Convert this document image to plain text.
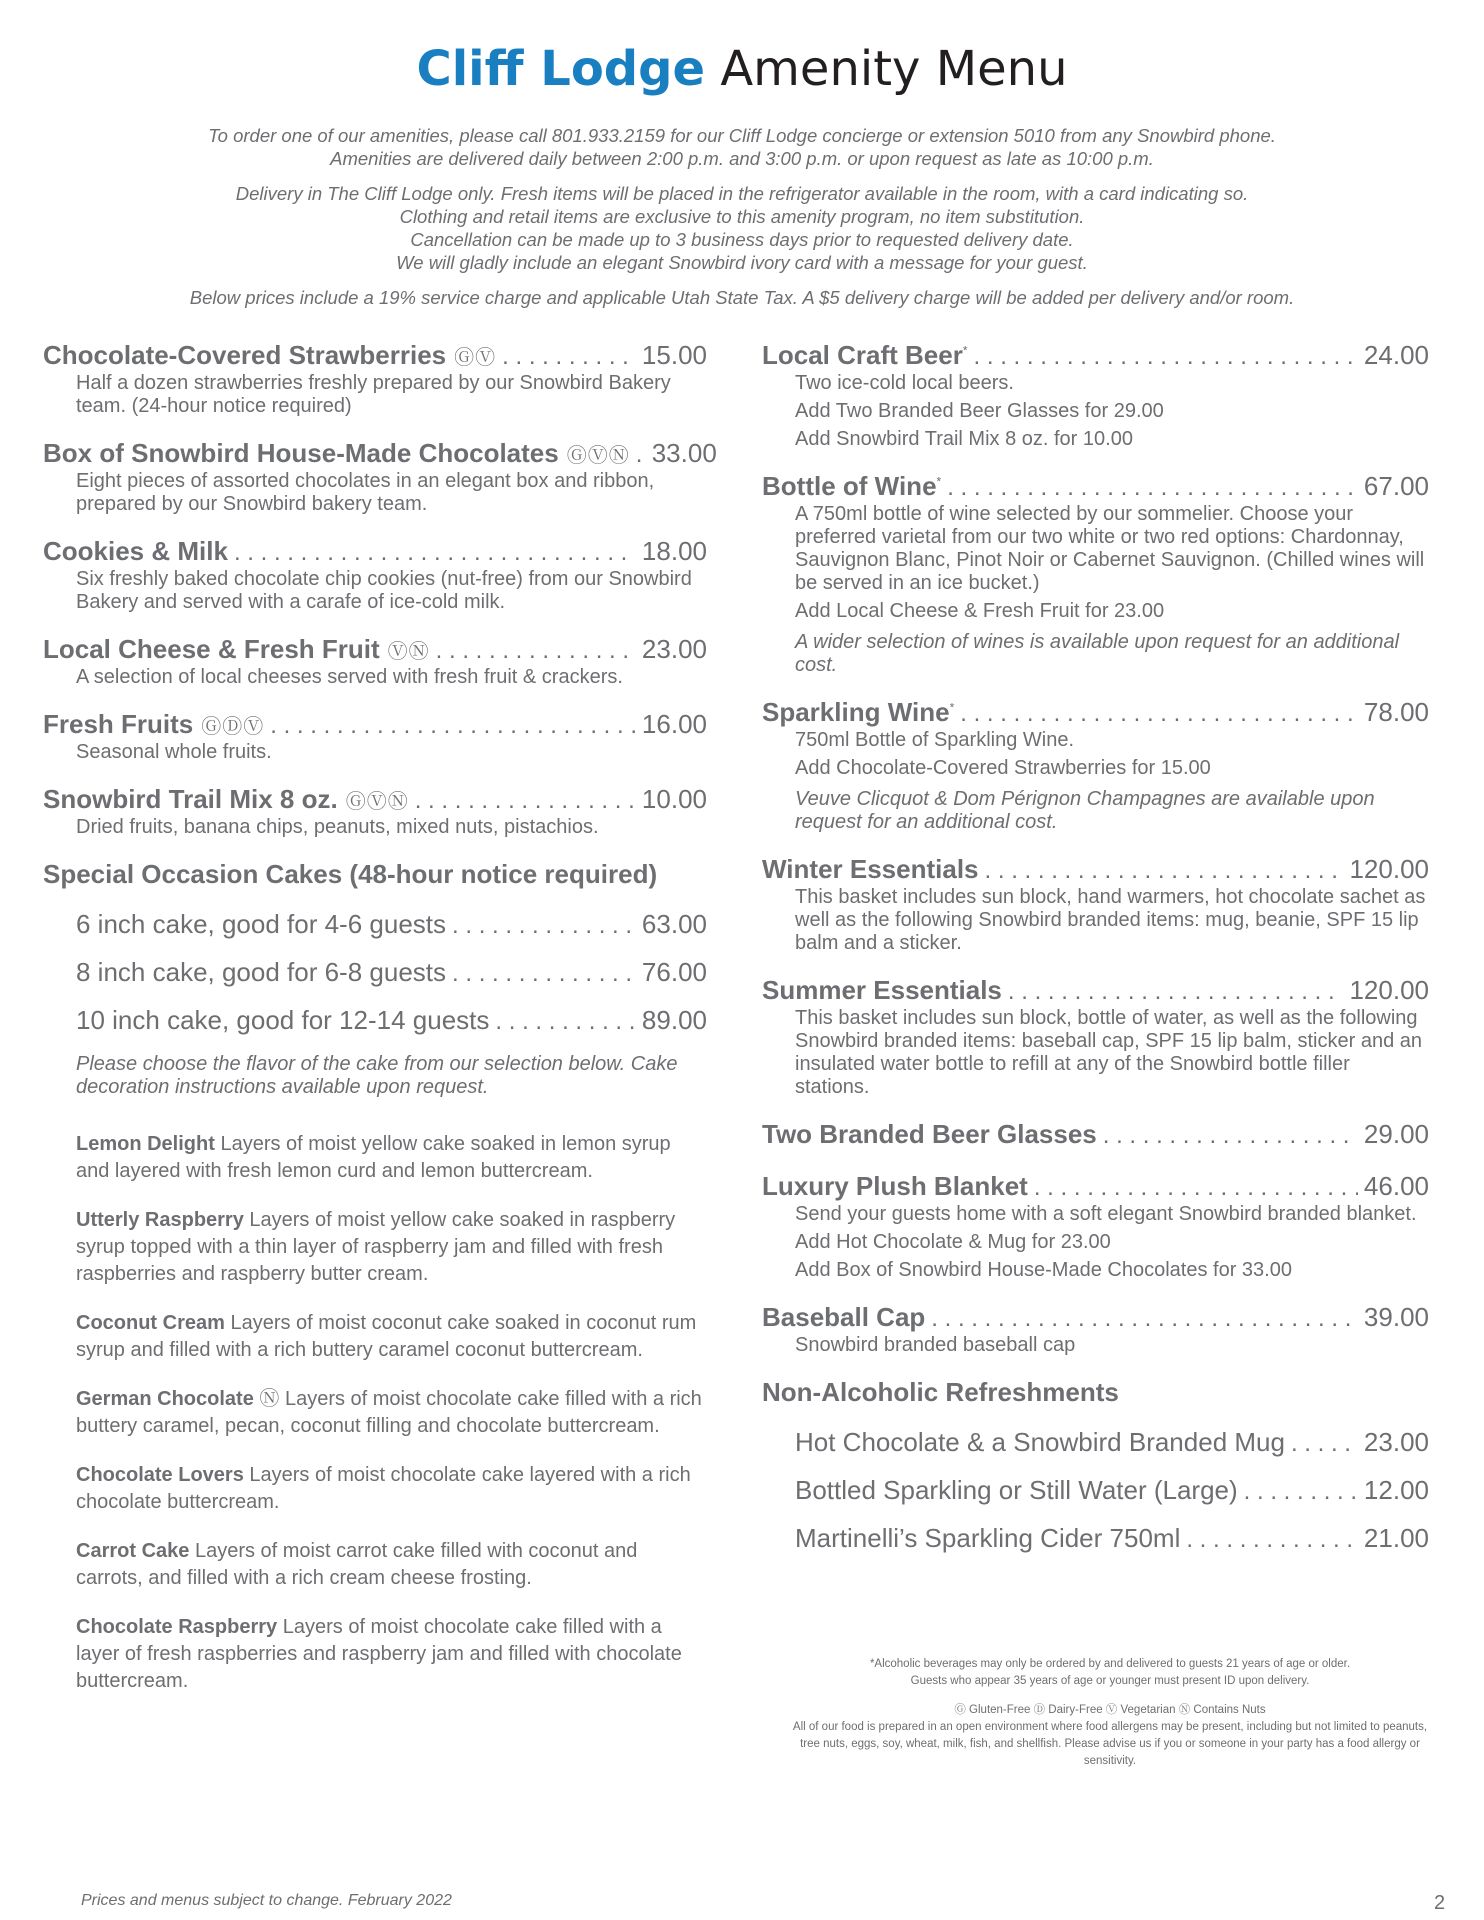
Cliff Lodge Amenity Menu

To order one of our amenities, please call 801.933.2159 for our Cliff Lodge concierge or extension 5010 from any Snowbird phone.
Amenities are delivered daily between 2:00 p.m. and 3:00 p.m. or upon request as late as 10:00 p.m.

Delivery in The Cliff Lodge only. Fresh items will be placed in the refrigerator available in the room, with a card indicating so.
Clothing and retail items are exclusive to this amenity program, no item substitution.
Cancellation can be made up to 3 business days prior to requested delivery date.
We will gladly include an elegant Snowbird ivory card with a message for your guest.

Below prices include a 19% service charge and applicable Utah State Tax. A $5 delivery charge will be added per delivery and/or room.

Chocolate-Covered Strawberries ⒼⓋ . . .	15.00

Half a dozen strawberries freshly prepared by our Snowbird Bakery team. (24-hour notice required)

Box of Snowbird House-Made Chocolates ⒼⓋⓃ . . . 33.00

Eight pieces of assorted chocolates in an elegant box and ribbon, prepared by our Snowbird bakery team.

Cookies & Milk . . .	18.00

Six freshly baked chocolate chip cookies (nut-free) from our Snowbird Bakery and served with a carafe of ice-cold milk.

Local Cheese & Fresh Fruit ⓋⓃ . . .	23.00

A selection of local cheeses served with fresh fruit & crackers.

Fresh Fruits ⒼⒹⓋ . . .	16.00

Seasonal whole fruits.

Snowbird Trail Mix 8 oz. ⒼⓋⓃ . . .	10.00

Dried fruits, banana chips, peanuts, mixed nuts, pistachios.

Special Occasion Cakes (48-hour notice required)
6 inch cake, good for 4-6 guests . . .	63.00
8 inch cake, good for 6-8 guests . . .	76.00
10 inch cake, good for 12-14 guests . . .	89.00

Please choose the flavor of the cake from our selection below. Cake decoration instructions available upon request.

Lemon Delight Layers of moist yellow cake soaked in lemon syrup and layered with fresh lemon curd and lemon buttercream.
Utterly Raspberry Layers of moist yellow cake soaked in raspberry syrup topped with a thin layer of raspberry jam and filled with fresh raspberries and raspberry butter cream.
Coconut Cream Layers of moist coconut cake soaked in coconut rum syrup and filled with a rich buttery caramel coconut buttercream.
German Chocolate Ⓝ Layers of moist chocolate cake filled with a rich buttery caramel, pecan, coconut filling and chocolate buttercream.
Chocolate Lovers Layers of moist chocolate cake layered with a rich chocolate buttercream.
Carrot Cake Layers of moist carrot cake filled with coconut and carrots, and filled with a rich cream cheese frosting.
Chocolate Raspberry Layers of moist chocolate cake filled with a layer of fresh raspberries and raspberry jam and filled with chocolate buttercream.
Local Craft Beer* . . .	24.00

Two ice-cold local beers.

Add Two Branded Beer Glasses for 29.00

Add Snowbird Trail Mix 8 oz. for 10.00

Bottle of Wine* . . .	67.00

A 750ml bottle of wine selected by our sommelier. Choose your preferred varietal from our two white or two red options: Chardonnay, Sauvignon Blanc, Pinot Noir or Cabernet Sauvignon. (Chilled wines will be served in an ice bucket.)

Add Local Cheese & Fresh Fruit for 23.00

A wider selection of wines is available upon request for an additional cost.

Sparkling Wine* . . .	78.00

750ml Bottle of Sparkling Wine.

Add Chocolate-Covered Strawberries for 15.00

Veuve Clicquot & Dom Pérignon Champagnes are available upon request for an additional cost.

Winter Essentials . . .	120.00

This basket includes sun block, hand warmers, hot chocolate sachet as well as the following Snowbird branded items: mug, beanie, SPF 15 lip balm and a sticker.

Summer Essentials . . .	120.00

This basket includes sun block, bottle of water, as well as the following Snowbird branded items: baseball cap, SPF 15 lip balm, sticker and an insulated water bottle to refill at any of the Snowbird bottle filler stations.

Two Branded Beer Glasses . . .	29.00
Luxury Plush Blanket . . .	46.00

Send your guests home with a soft elegant Snowbird branded blanket.

Add Hot Chocolate & Mug for 23.00

Add Box of Snowbird House-Made Chocolates for 33.00

Baseball Cap . . .	39.00

Snowbird branded baseball cap

Non-Alcoholic Refreshments
Hot Chocolate & a Snowbird Branded Mug . . .	23.00
Bottled Sparkling or Still Water (Large) . . .	12.00
Martinelli’s Sparkling Cider 750ml . . .	21.00

*Alcoholic beverages may only be ordered by and delivered to guests 21 years of age or older.
Guests who appear 35 years of age or younger must present ID upon delivery.

Ⓖ Gluten-Free Ⓓ Dairy-Free Ⓥ Vegetarian Ⓝ Contains Nuts
All of our food is prepared in an open environment where food allergens may be present, including but not limited to peanuts, tree nuts, eggs, soy, wheat, milk, fish, and shellfish. Please advise us if you or someone in your party has a food allergy or sensitivity.

Prices and menus subject to change. February 2022	2
